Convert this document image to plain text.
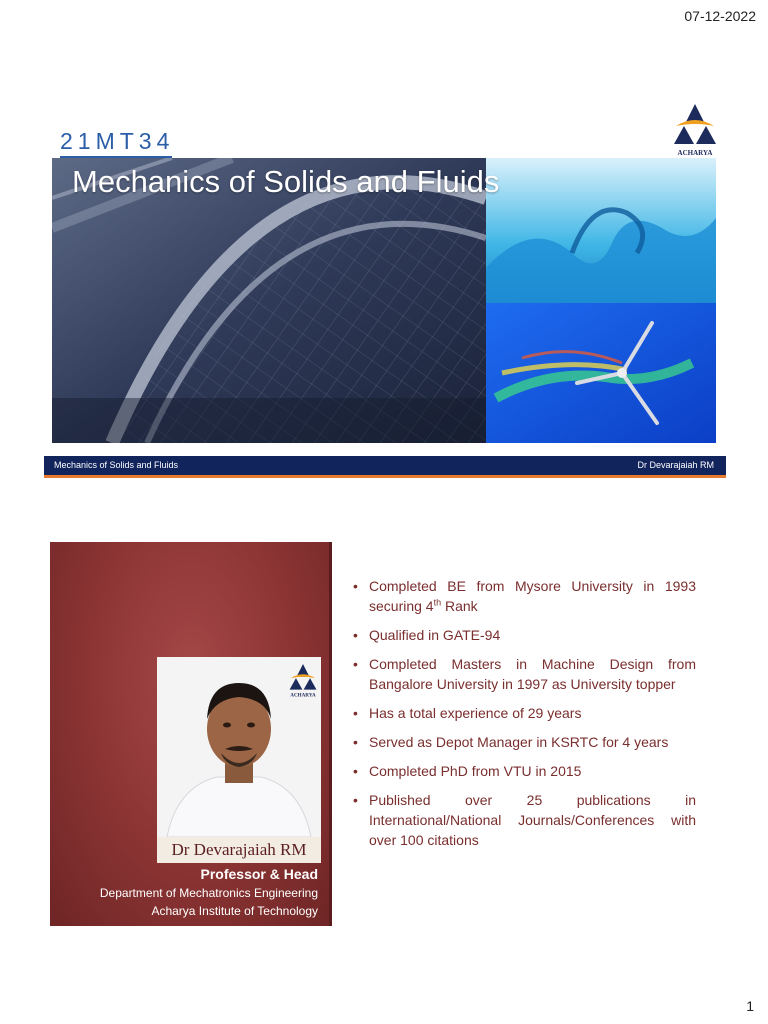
07-12-2022
21MT34	ACHARYA
Mechanics of Solids and Fluids
Mechanics of Solids and Fluids	Dr Devarajaiah RM
ACHARYA
Dr Devarajaiah RM
Professor & Head
Department of Mechatronics Engineering
Acharya Institute of Technology
• Completed BE from Mysore University in 1993 securing 4th Rank
• Qualified in GATE-94
• Completed Masters in Machine Design from Bangalore University in 1997 as University topper
• Has a total experience of 29 years
• Served as Depot Manager in KSRTC for 4 years
• Completed PhD from VTU in 2015
• Published over 25 publications in International/National Journals/Conferences with over 100 citations
1
